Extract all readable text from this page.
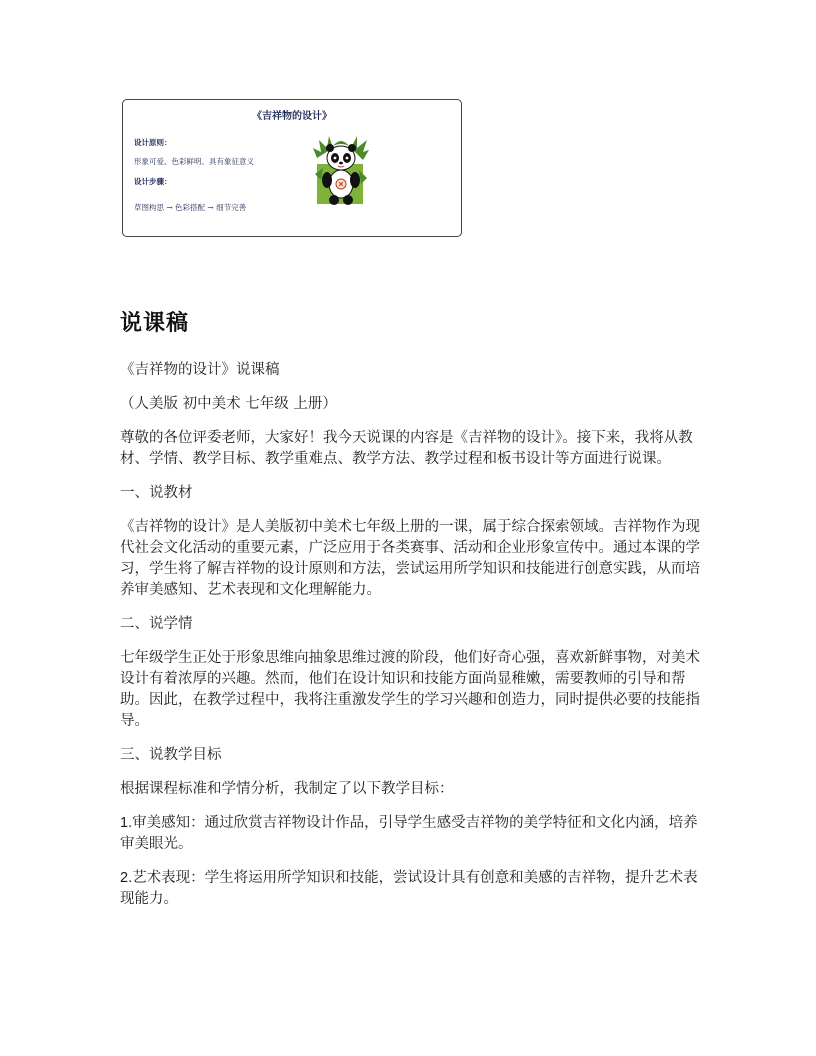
《吉祥物的设计》
设计原则：
形象可爱、色彩鲜明、具有象征意义
设计步骤：
草图构思 → 色彩搭配 → 细节完善
说课稿

《吉祥物的设计》说课稿

（人美版 初中美术 七年级 上册）

尊敬的各位评委老师，大家好！我今天说课的内容是《吉祥物的设计》。接下来，我将从教材、学情、教学目标、教学重难点、教学方法、教学过程和板书设计等方面进行说课。

一、说教材

《吉祥物的设计》是人美版初中美术七年级上册的一课，属于综合探索领域。吉祥物作为现代社会文化活动的重要元素，广泛应用于各类赛事、活动和企业形象宣传中。通过本课的学习，学生将了解吉祥物的设计原则和方法，尝试运用所学知识和技能进行创意实践，从而培养审美感知、艺术表现和文化理解能力。

二、说学情

七年级学生正处于形象思维向抽象思维过渡的阶段，他们好奇心强，喜欢新鲜事物，对美术设计有着浓厚的兴趣。然而，他们在设计知识和技能方面尚显稚嫩，需要教师的引导和帮助。因此，在教学过程中，我将注重激发学生的学习兴趣和创造力，同时提供必要的技能指导。

三、说教学目标

根据课程标准和学情分析，我制定了以下教学目标：

1.审美感知：通过欣赏吉祥物设计作品，引导学生感受吉祥物的美学特征和文化内涵，培养审美眼光。

2.艺术表现：学生将运用所学知识和技能，尝试设计具有创意和美感的吉祥物，提升艺术表现能力。
